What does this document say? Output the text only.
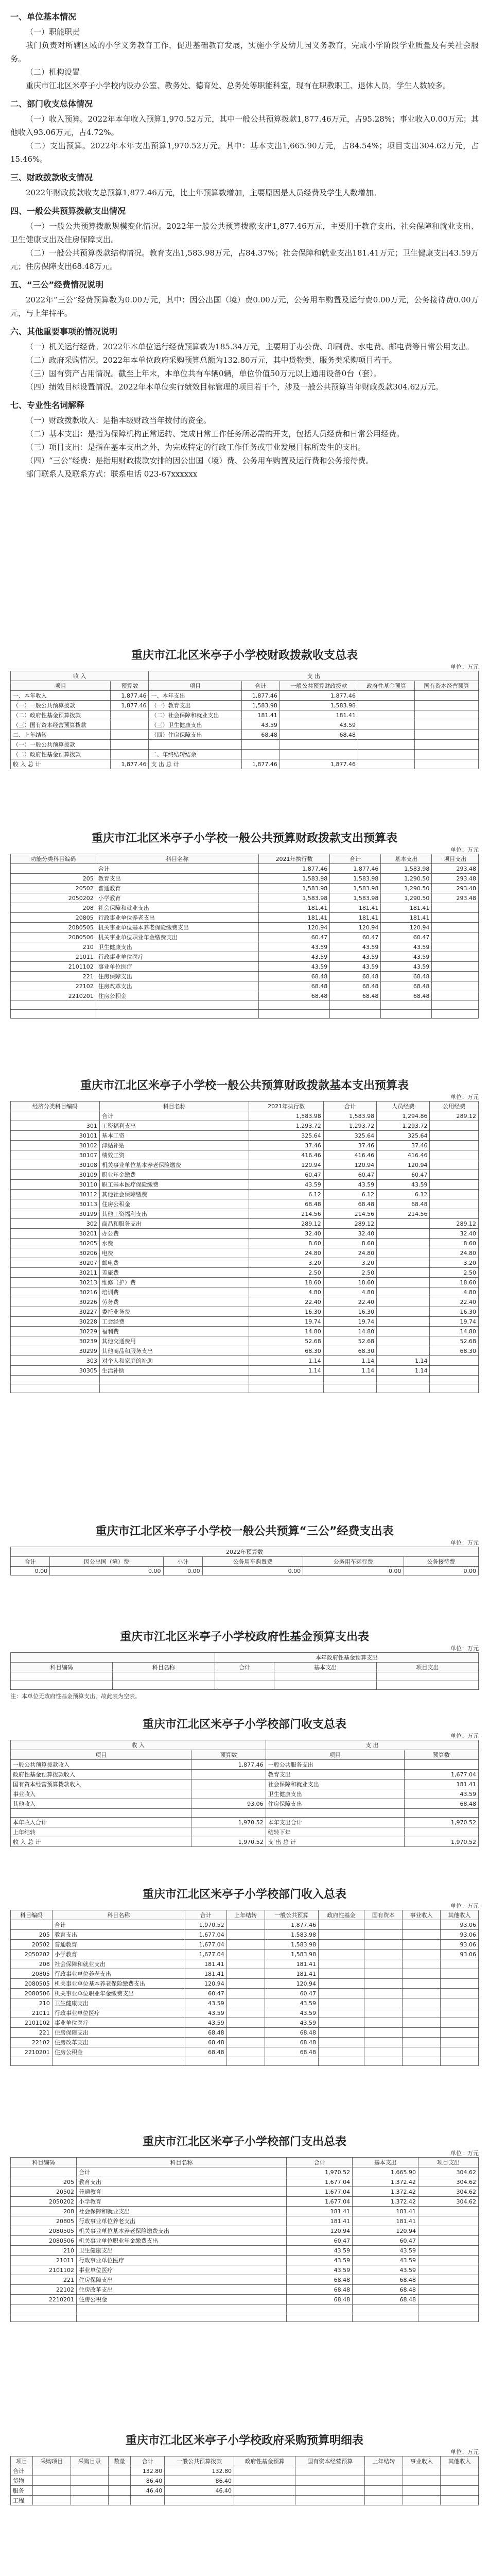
一、单位基本情况

（一）职能职责

我门负责对所辖区域的小学义务教育工作，促进基础教育发展，实施小学及幼儿园义务教育，完成小学阶段学业质量及有关社会服务。

（二）机构设置

重庆市江北区米亭子小学校内设办公室、教务处、德育处、总务处等职能科室，现有在职教职工、退休人员，学生人数较多。

二、部门收支总体情况

（一）收入预算。2022年本年收入预算1,970.52万元，其中一般公共预算拨款1,877.46万元，占95.28%；事业收入0.00万元；其他收入93.06万元，占4.72%。

（二）支出预算。2022年本年支出预算1,970.52万元。其中：基本支出1,665.90万元，占84.54%；项目支出304.62万元，占15.46%。

三、财政拨款收支情况

2022年财政拨款收支总预算1,877.46万元，比上年预算数增加，主要原因是人员经费及学生人数增加。

四、一般公共预算拨款支出情况

（一）一般公共预算拨款规模变化情况。2022年一般公共预算拨款支出1,877.46万元，主要用于教育支出、社会保障和就业支出、卫生健康支出及住房保障支出。

（二）一般公共预算拨款结构情况。教育支出1,583.98万元，占84.37%；社会保障和就业支出181.41万元；卫生健康支出43.59万元；住房保障支出68.48万元。

五、“三公”经费情况说明

2022年“三公”经费预算数为0.00万元，其中：因公出国（境）费0.00万元，公务用车购置及运行费0.00万元，公务接待费0.00万元，与上年持平。

六、其他重要事项的情况说明

（一）机关运行经费。2022年本单位运行经费预算数为185.34万元，主要用于办公费、印刷费、水电费、邮电费等日常公用支出。

（二）政府采购情况。2022年本单位政府采购预算总额为132.80万元，其中货物类、服务类采购项目若干。

（三）国有资产占用情况。截至上年末，本单位共有车辆0辆，单位价值50万元以上通用设备0台（套）。

（四）绩效目标设置情况。2022年本单位实行绩效目标管理的项目若干个，涉及一般公共预算当年财政拨款304.62万元。

七、专业性名词解释

（一）财政拨款收入：是指本级财政当年拨付的资金。

（二）基本支出：是指为保障机构正常运转、完成日常工作任务所必需的开支，包括人员经费和日常公用经费。

（三）项目支出：是指在基本支出之外，为完成特定的行政工作任务或事业发展目标所发生的支出。

（四）“三公”经费：是指用财政拨款安排的因公出国（境）费、公务用车购置及运行费和公务接待费。

部门联系人及联系方式：联系电话 023-67xxxxxx

重庆市江北区米亭子小学校财政拨款收支总表
单位：万元
收 入		支 出				
项目	预算数	项目	合计	一般公共预算财政拨款	政府性基金预算	国有资本经营预算
一、本年收入	1,877.46	一、本年支出	1,877.46	1,877.46		
（一）一般公共预算拨款	1,877.46	（一）教育支出	1,583.98	1,583.98		
（二）政府性基金预算拨款		（二）社会保障和就业支出	181.41	181.41		
（三）国有资本经营预算拨款		（三）卫生健康支出	43.59	43.59		
二、上年结转		（四）住房保障支出	68.48	68.48		
（一）一般公共预算拨款						
（二）政府性基金预算拨款		二、年终结转结余				
收 入 总 计	1,877.46	支 出 总 计	1,877.46	1,877.46		
重庆市江北区米亭子小学校一般公共预算财政拨款支出预算表
单位：万元
功能分类科目编码	科目名称	2021年执行数	合计	基本支出	项目支出
	合计	1,877.46	1,877.46	1,583.98	293.48
205	教育支出	1,583.98	1,583.98	1,290.50	293.48
20502	普通教育	1,583.98	1,583.98	1,290.50	293.48
2050202	小学教育	1,583.98	1,583.98	1,290.50	293.48
208	社会保障和就业支出	181.41	181.41	181.41	
20805	行政事业单位养老支出	181.41	181.41	181.41	
2080505	机关事业单位基本养老保险缴费支出	120.94	120.94	120.94	
2080506	机关事业单位职业年金缴费支出	60.47	60.47	60.47	
210	卫生健康支出	43.59	43.59	43.59	
21011	行政事业单位医疗	43.59	43.59	43.59	
2101102	事业单位医疗	43.59	43.59	43.59	
221	住房保障支出	68.48	68.48	68.48	
22102	住房改革支出	68.48	68.48	68.48	
2210201	住房公积金	68.48	68.48	68.48	

重庆市江北区米亭子小学校一般公共预算财政拨款基本支出预算表
单位：万元
经济分类科目编码	科目名称	2021年执行数	合计	人员经费	公用经费
	合计	1,583.98	1,583.98	1,294.86	289.12
301	工资福利支出	1,293.72	1,293.72	1,293.72	
30101	基本工资	325.64	325.64	325.64	
30102	津贴补贴	37.46	37.46	37.46	
30107	绩效工资	416.46	416.46	416.46	
30108	机关事业单位基本养老保险缴费	120.94	120.94	120.94	
30109	职业年金缴费	60.47	60.47	60.47	
30110	职工基本医疗保险缴费	43.59	43.59	43.59	
30112	其他社会保障缴费	6.12	6.12	6.12	
30113	住房公积金	68.48	68.48	68.48	
30199	其他工资福利支出	214.56	214.56	214.56	
302	商品和服务支出	289.12	289.12		289.12
30201	办公费	32.40	32.40		32.40
30205	水费	8.60	8.60		8.60
30206	电费	24.80	24.80		24.80
30207	邮电费	3.20	3.20		3.20
30211	差旅费	2.50	2.50		2.50
30213	维修（护）费	18.60	18.60		18.60
30216	培训费	4.80	4.80		4.80
30226	劳务费	22.40	22.40		22.40
30227	委托业务费	16.30	16.30		16.30
30228	工会经费	19.74	19.74		19.74
30229	福利费	14.80	14.80		14.80
30239	其他交通费用	52.68	52.68		52.68
30299	其他商品和服务支出	68.30	68.30		68.30
303	对个人和家庭的补助	1.14	1.14	1.14	
30305	生活补助	1.14	1.14	1.14	

重庆市江北区米亭子小学校一般公共预算“三公”经费支出表
单位：万元
2022年预算数					
合计	因公出国（境）费	小计	公务用车购置费	公务用车运行费	公务接待费
0.00	0.00	0.00	0.00	0.00	0.00
重庆市江北区米亭子小学校政府性基金预算支出表
单位：万元
		本年政府性基金预算支出		
科目编码	科目名称	合计	基本支出	项目支出

注：本单位无政府性基金预算支出，故此表为空表。
重庆市江北区米亭子小学校部门收支总表
单位：万元
收 入		支 出	
项目	预算数	项目	预算数
一般公共预算拨款收入	1,877.46	一般公共服务支出	
政府性基金预算拨款收入		教育支出	1,677.04
国有资本经营预算拨款收入		社会保障和就业支出	181.41
事业收入		卫生健康支出	43.59
其他收入	93.06	住房保障支出	68.48

本年收入合计	1,970.52	本年支出合计	1,970.52
上年结转		结转下年	
收 入 总 计	1,970.52	支 出 总 计	1,970.52
重庆市江北区米亭子小学校部门收入总表
单位：万元
科目编码	科目名称	合计	上年结转	一般公共预算	政府性基金	国有资本	事业收入	其他收入
	合计	1,970.52		1,877.46				93.06
205	教育支出	1,677.04		1,583.98				93.06
20502	普通教育	1,677.04		1,583.98				93.06
2050202	小学教育	1,677.04		1,583.98				93.06
208	社会保障和就业支出	181.41		181.41				
20805	行政事业单位养老支出	181.41		181.41				
2080505	机关事业单位基本养老保险缴费支出	120.94		120.94				
2080506	机关事业单位职业年金缴费支出	60.47		60.47				
210	卫生健康支出	43.59		43.59				
21011	行政事业单位医疗	43.59		43.59				
2101102	事业单位医疗	43.59		43.59				
221	住房保障支出	68.48		68.48				
22102	住房改革支出	68.48		68.48				
2210201	住房公积金	68.48		68.48				

重庆市江北区米亭子小学校部门支出总表
单位：万元
科目编码	科目名称	合计	基本支出	项目支出
	合计	1,970.52	1,665.90	304.62
205	教育支出	1,677.04	1,372.42	304.62
20502	普通教育	1,677.04	1,372.42	304.62
2050202	小学教育	1,677.04	1,372.42	304.62
208	社会保障和就业支出	181.41	181.41	
20805	行政事业单位养老支出	181.41	181.41	
2080505	机关事业单位基本养老保险缴费支出	120.94	120.94	
2080506	机关事业单位职业年金缴费支出	60.47	60.47	
210	卫生健康支出	43.59	43.59	
21011	行政事业单位医疗	43.59	43.59	
2101102	事业单位医疗	43.59	43.59	
221	住房保障支出	68.48	68.48	
22102	住房改革支出	68.48	68.48	
2210201	住房公积金	68.48	68.48	

重庆市江北区米亭子小学校政府采购预算明细表
单位：万元
项目	采购项目	采购目录	数量	合计	一般公共预算拨款	政府性基金预算	国有资本经营预算	上年结转	事业收入	其他收入
合计				132.80	132.80					
货物				86.40	86.40					
服务				46.40	46.40					
工程										
